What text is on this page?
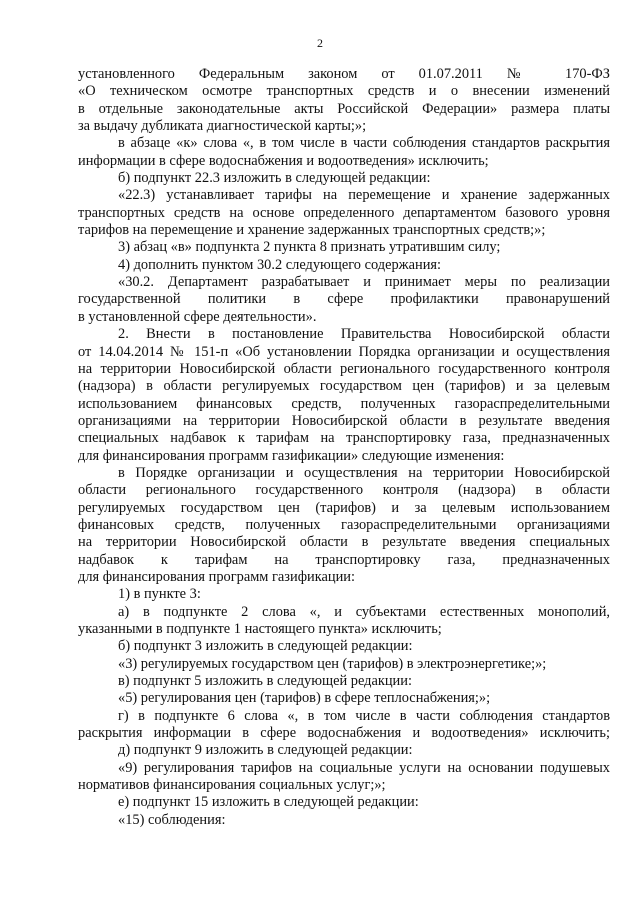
2
установленного Федеральным законом от 01.07.2011 № 170-ФЗ
«О техническом осмотре транспортных средств и о внесении изменений
в отдельные законодательные акты Российской Федерации» размера платы
за выдачу дубликата диагностической карты;»;
в абзаце «к» слова «, в том числе в части соблюдения стандартов раскрытия
информации в сфере водоснабжения и водоотведения» исключить;
б) подпункт 22.3 изложить в следующей редакции:
«22.3) устанавливает тарифы на перемещение и хранение задержанных
транспортных средств на основе определенного департаментом базового уровня
тарифов на перемещение и хранение задержанных транспортных средств;»;
3) абзац «в» подпункта 2 пункта 8 признать утратившим силу;
4) дополнить пунктом 30.2 следующего содержания:
«30.2. Департамент разрабатывает и принимает меры по реализации
государственной политики в сфере профилактики правонарушений
в установленной сфере деятельности».
2. Внести в постановление Правительства Новосибирской области
от 14.04.2014 № 151-п «Об установлении Порядка организации и осуществления
на территории Новосибирской области регионального государственного контроля
(надзора) в области регулируемых государством цен (тарифов) и за целевым
использованием финансовых средств, полученных газораспределительными
организациями на территории Новосибирской области в результате введения
специальных надбавок к тарифам на транспортировку газа, предназначенных
для финансирования программ газификации» следующие изменения:
в Порядке организации и осуществления на территории Новосибирской
области регионального государственного контроля (надзора) в области
регулируемых государством цен (тарифов) и за целевым использованием
финансовых средств, полученных газораспределительными организациями
на территории Новосибирской области в результате введения специальных
надбавок к тарифам на транспортировку газа, предназначенных
для финансирования программ газификации:
1) в пункте 3:
а) в подпункте 2 слова «, и субъектами естественных монополий,
указанными в подпункте 1 настоящего пункта» исключить;
б) подпункт 3 изложить в следующей редакции:
«3) регулируемых государством цен (тарифов) в электроэнергетике;»;
в) подпункт 5 изложить в следующей редакции:
«5) регулирования цен (тарифов) в сфере теплоснабжения;»;
г) в подпункте 6 слова «, в том числе в части соблюдения стандартов
раскрытия информации в сфере водоснабжения и водоотведения» исключить;
д) подпункт 9 изложить в следующей редакции:
«9) регулирования тарифов на социальные услуги на основании подушевых
нормативов финансирования социальных услуг;»;
е) подпункт 15 изложить в следующей редакции:
«15) соблюдения:
